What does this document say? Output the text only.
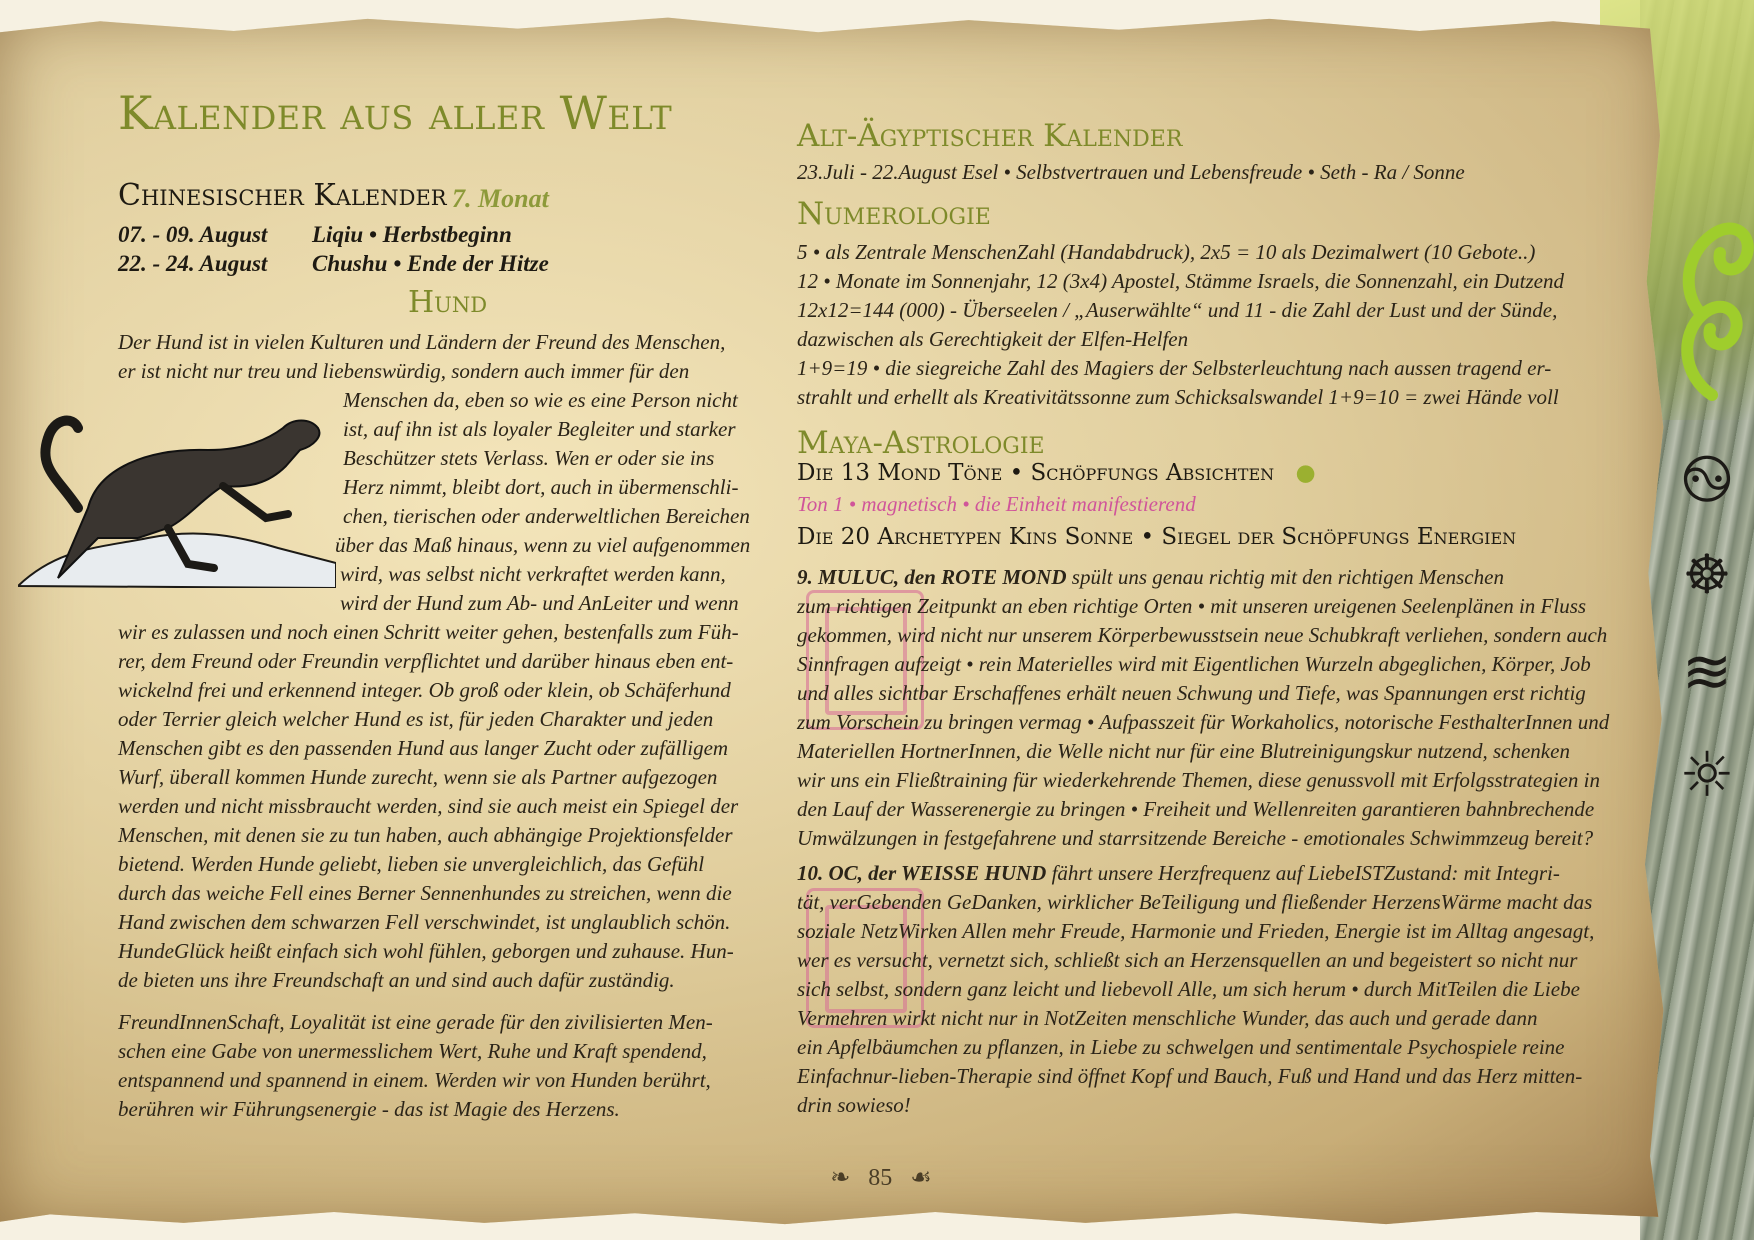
࿊
☸
≋
☼
Kalender aus aller Welt
Chinesischer Kalender 7. Monat
07. - 09. August Liqiu • Herbstbeginn
22. - 24. August Chushu • Ende der Hitze
Hund
Der Hund ist in vielen Kulturen und Ländern der Freund des Menschen,
er ist nicht nur treu und liebenswürdig, sondern auch immer für den
Menschen da, eben so wie es eine Person nicht
ist, auf ihn ist als loyaler Begleiter und starker
Beschützer stets Verlass. Wen er oder sie ins
Herz nimmt, bleibt dort, auch in übermenschli-
chen, tierischen oder anderweltlichen Bereichen
über das Maß hinaus, wenn zu viel aufgenommen
wird, was selbst nicht verkraftet werden kann,
wird der Hund zum Ab- und AnLeiter und wenn
wir es zulassen und noch einen Schritt weiter gehen, bestenfalls zum Füh-
rer, dem Freund oder Freundin verpflichtet und darüber hinaus eben ent-
wickelnd frei und erkennend integer. Ob groß oder klein, ob Schäferhund
oder Terrier gleich welcher Hund es ist, für jeden Charakter und jeden
Menschen gibt es den passenden Hund aus langer Zucht oder zufälligem
Wurf, überall kommen Hunde zurecht, wenn sie als Partner aufgezogen
werden und nicht missbraucht werden, sind sie auch meist ein Spiegel der
Menschen, mit denen sie zu tun haben, auch abhängige Projektionsfelder
bietend. Werden Hunde geliebt, lieben sie unvergleichlich, das Gefühl
durch das weiche Fell eines Berner Sennenhundes zu streichen, wenn die
Hand zwischen dem schwarzen Fell verschwindet, ist unglaublich schön.
HundeGlück heißt einfach sich wohl fühlen, geborgen und zuhause. Hun-
de bieten uns ihre Freundschaft an und sind auch dafür zuständig.
FreundInnenSchaft, Loyalität ist eine gerade für den zivilisierten Men-
schen eine Gabe von unermesslichem Wert, Ruhe und Kraft spendend,
entspannend und spannend in einem. Werden wir von Hunden berührt,
berühren wir Führungsenergie - das ist Magie des Herzens.
Alt-Ägyptischer Kalender
23.Juli - 22.August Esel • Selbstvertrauen und Lebensfreude • Seth - Ra / Sonne
Numerologie
5 • als Zentrale MenschenZahl (Handabdruck), 2x5 = 10 als Dezimalwert (10 Gebote..)
12 • Monate im Sonnenjahr, 12 (3x4) Apostel, Stämme Israels, die Sonnenzahl, ein Dutzend
12x12=144 (000) - Überseelen / „Auserwählte“ und 11 - die Zahl der Lust und der Sünde,
dazwischen als Gerechtigkeit der Elfen-Helfen
1+9=19 • die siegreiche Zahl des Magiers der Selbsterleuchtung nach aussen tragend er-
strahlt und erhellt als Kreativitätssonne zum Schicksalswandel 1+9=10 = zwei Hände voll
Maya-Astrologie
Die 13 Mond Töne • Schöpfungs Absichten ●
Ton 1 • magnetisch • die Einheit manifestierend
Die 20 Archetypen Kins Sonne • Siegel der Schöpfungs Energien
9. MULUC, den ROTE MOND spült uns genau richtig mit den richtigen Menschen
zum richtigen Zeitpunkt an eben richtige Orten • mit unseren ureigenen Seelenplänen in Fluss
gekommen, wird nicht nur unserem Körperbewusstsein neue Schubkraft verliehen, sondern auch
Sinnfragen aufzeigt • rein Materielles wird mit Eigentlichen Wurzeln abgeglichen, Körper, Job
und alles sichtbar Erschaffenes erhält neuen Schwung und Tiefe, was Spannungen erst richtig
zum Vorschein zu bringen vermag • Aufpasszeit für Workaholics, notorische FesthalterInnen und
Materiellen HortnerInnen, die Welle nicht nur für eine Blutreinigungskur nutzend, schenken
wir uns ein Fließtraining für wiederkehrende Themen, diese genussvoll mit Erfolgsstrategien in
den Lauf der Wasserenergie zu bringen • Freiheit und Wellenreiten garantieren bahnbrechende
Umwälzungen in festgefahrene und starrsitzende Bereiche - emotionales Schwimmzeug bereit?
10. OC, der WEISSE HUND fährt unsere Herzfrequenz auf LiebeISTZustand: mit Integri-
tät, verGebenden GeDanken, wirklicher BeTeiligung und fließender HerzensWärme macht das
soziale NetzWirken Allen mehr Freude, Harmonie und Frieden, Energie ist im Alltag angesagt,
wer es versucht, vernetzt sich, schließt sich an Herzensquellen an und begeistert so nicht nur
sich selbst, sondern ganz leicht und liebevoll Alle, um sich herum • durch MitTeilen die Liebe
Vermehren wirkt nicht nur in NotZeiten menschliche Wunder, das auch und gerade dann
ein Apfelbäumchen zu pflanzen, in Liebe zu schwelgen und sentimentale Psychospiele reine
Einfachnur-lieben-Therapie sind öffnet Kopf und Bauch, Fuß und Hand und das Herz mitten-
drin sowieso!
❧ 85 ☙
